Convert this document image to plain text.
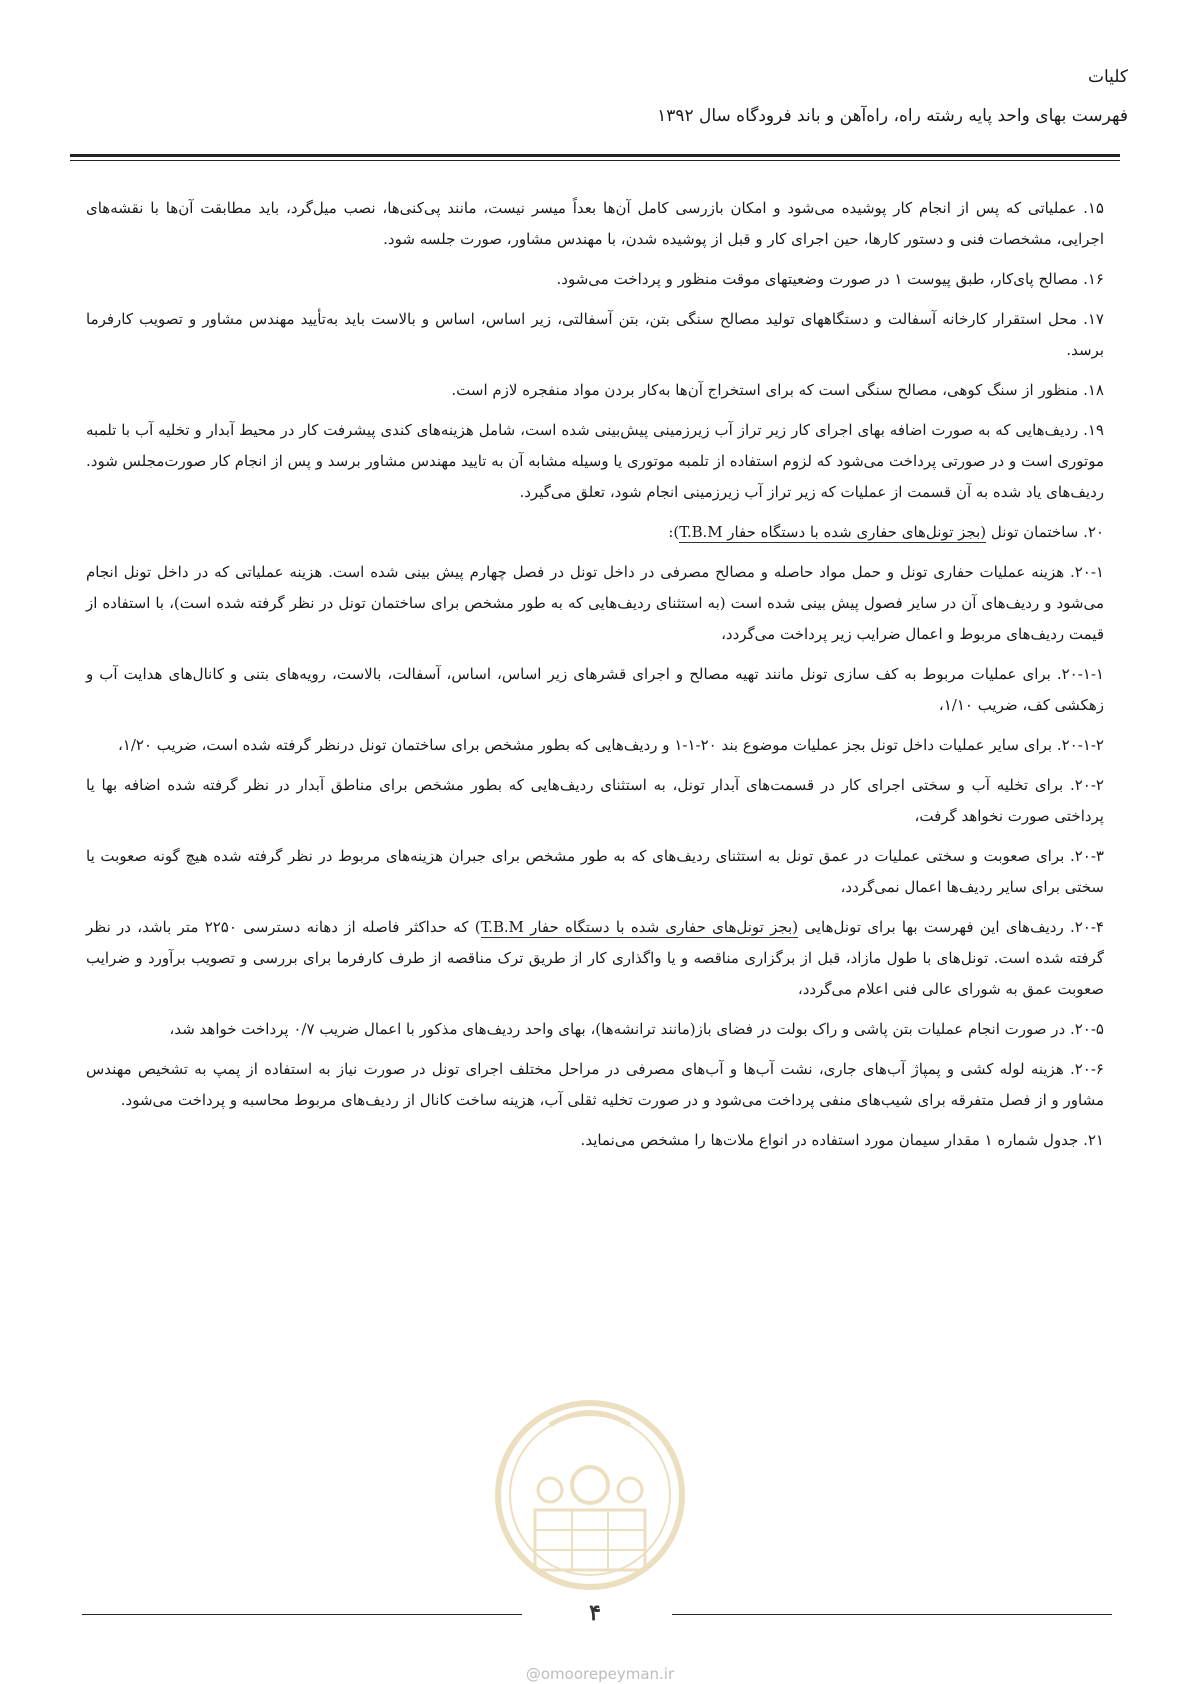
کلیات
فهرست بهای واحد پایه رشته راه، راه‌آهن و باند فرودگاه سال ۱۳۹۲

۱۵. عملیاتی که پس از انجام کار پوشیده می‌شود و امکان بازرسی کامل آن‌ها بعداً میسر نیست، مانند پی‌کنی‌ها، نصب میل‌گرد، باید مطابقت آن‌ها با نقشه‌های اجرایی، مشخصات فنی و دستور کارها، حین اجرای کار و قبل از پوشیده شدن، با مهندس مشاور، صورت جلسه شود.

۱۶. مصالح پای‌کار، طبق پیوست ۱ در صورت وضعیتهای موقت منظور و پرداخت می‌شود.

۱۷. محل استقرار کارخانه آسفالت و دستگاههای تولید مصالح سنگی بتن، بتن آسفالتی، زیر اساس، اساس و بالاست باید به‌تأیید مهندس مشاور و تصویب کارفرما برسد.

۱۸. منظور از سنگ کوهی، مصالح سنگی است که برای استخراج آن‌ها به‌کار بردن مواد منفجره لازم است.

۱۹. ردیف‌هایی که به صورت اضافه بهای اجرای کار زیر تراز آب زیرزمینی پیش‌بینی شده است، شامل هزینه‌های کندی پیشرفت کار در محیط آبدار و تخلیه آب با تلمبه موتوری است و در صورتی پرداخت می‌شود که لزوم استفاده از تلمبه موتوری یا وسیله مشابه آن به تایید مهندس مشاور برسد و پس از انجام کار صورت‌مجلس شود. ردیف‌های یاد شده به آن قسمت از عملیات که زیر تراز آب زیرزمینی انجام شود، تعلق می‌گیرد.

۲۰. ساختمان تونل (بجز تونل‌های حفاری شده با دستگاه حفار T.B.M):

۲۰-۱. هزینه عملیات حفاری تونل و حمل مواد حاصله و مصالح مصرفی در داخل تونل در فصل چهارم پیش بینی شده است. هزینه عملیاتی که در داخل تونل انجام می‌شود و ردیف‌های آن در سایر فصول پیش بینی شده است (به استثنای ردیف‌هایی که به طور مشخص برای ساختمان تونل در نظر گرفته شده است)، با استفاده از قیمت ردیف‌های مربوط و اعمال ضرایب زیر پرداخت می‌گردد،

۲۰-۱-۱. برای عملیات مربوط به کف سازی تونل مانند تهیه مصالح و اجرای قشرهای زیر اساس، اساس، آسفالت، بالاست، رویه‌های بتنی و کانال‌های هدایت آب و زهکشی کف، ضریب ۱/۱۰،

۲۰-۱-۲. برای سایر عملیات داخل تونل بجز عملیات موضوع بند ۲۰-۱-۱ و ردیف‌هایی که بطور مشخص برای ساختمان تونل درنظر گرفته شده است، ضریب ۱/۲۰،

۲۰-۲. برای تخلیه آب و سختی اجرای کار در قسمت‌های آبدار تونل، به استثنای ردیف‌هایی که بطور مشخص برای مناطق آبدار در نظر گرفته شده اضافه بها یا پرداختی صورت نخواهد گرفت،

۲۰-۳. برای صعوبت و سختی عملیات در عمق تونل به استثنای ردیف‌های که به طور مشخص برای جبران هزینه‌های مربوط در نظر گرفته شده هیچ گونه صعوبت یا سختی برای سایر ردیف‌ها اعمال نمی‌گردد،

۲۰-۴. ردیف‌های این فهرست بها برای تونل‌هایی (بجز تونل‌های حفاری شده با دستگاه حفار T.B.M) که حداکثر فاصله از دهانه دسترسی ۲۲۵۰ متر باشد، در نظر گرفته شده است. تونل‌های با طول مازاد، قبل از برگزاری مناقصه و یا واگذاری کار از طریق ترک مناقصه از طرف کارفرما برای بررسی و تصویب برآورد و ضرایب صعوبت عمق به شورای عالی فنی اعلام می‌گردد،

۲۰-۵. در صورت انجام عملیات بتن پاشی و راک بولت در فضای باز(مانند ترانشه‌ها)، بهای واحد ردیف‌های مذکور با اعمال ضریب ۰/۷ پرداخت خواهد شد،

۲۰-۶. هزینه لوله کشی و پمپاژ آب‌های جاری، نشت آب‌ها و آب‌های مصرفی در مراحل مختلف اجرای تونل در صورت نیاز به استفاده از پمپ به تشخیص مهندس مشاور و از فصل متفرقه برای شیب‌های منفی پرداخت می‌شود و در صورت تخلیه ثقلی آب، هزینه ساخت کانال از ردیف‌های مربوط محاسبه و پرداخت می‌شود.

۲۱. جدول شماره ۱ مقدار سیمان مورد استفاده در انواع ملات‌ها را مشخص می‌نماید.

۴
@omoorepeyman.ir
